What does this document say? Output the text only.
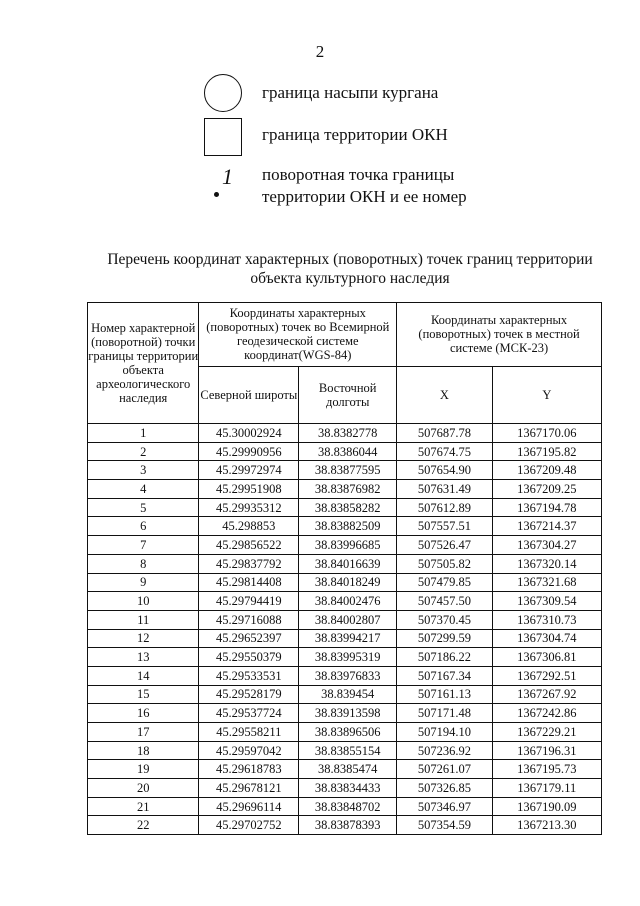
2
граница насыпи кургана
граница территории ОКН
1 поворотная точка границы
территории ОКН и ее номер
Перечень координат характерных (поворотных) точек границ территории
объекта культурного наследия
Номер характерной (поворотной) точки границы территории объекта археологического наследия	Координаты характерных (поворотных) точек во Всемирной геодезической системе координат(WGS-84)		Координаты характерных (поворотных) точек в местной системе (МСК-23)	
	Северной широты	Восточной долготы	X	Y
1	45.30002924	38.8382778	507687.78	1367170.06
2	45.29990956	38.8386044	507674.75	1367195.82
3	45.29972974	38.83877595	507654.90	1367209.48
4	45.29951908	38.83876982	507631.49	1367209.25
5	45.29935312	38.83858282	507612.89	1367194.78
6	45.298853	38.83882509	507557.51	1367214.37
7	45.29856522	38.83996685	507526.47	1367304.27
8	45.29837792	38.84016639	507505.82	1367320.14
9	45.29814408	38.84018249	507479.85	1367321.68
10	45.29794419	38.84002476	507457.50	1367309.54
11	45.29716088	38.84002807	507370.45	1367310.73
12	45.29652397	38.83994217	507299.59	1367304.74
13	45.29550379	38.83995319	507186.22	1367306.81
14	45.29533531	38.83976833	507167.34	1367292.51
15	45.29528179	38.839454	507161.13	1367267.92
16	45.29537724	38.83913598	507171.48	1367242.86
17	45.29558211	38.83896506	507194.10	1367229.21
18	45.29597042	38.83855154	507236.92	1367196.31
19	45.29618783	38.8385474	507261.07	1367195.73
20	45.29678121	38.83834433	507326.85	1367179.11
21	45.29696114	38.83848702	507346.97	1367190.09
22	45.29702752	38.83878393	507354.59	1367213.30
